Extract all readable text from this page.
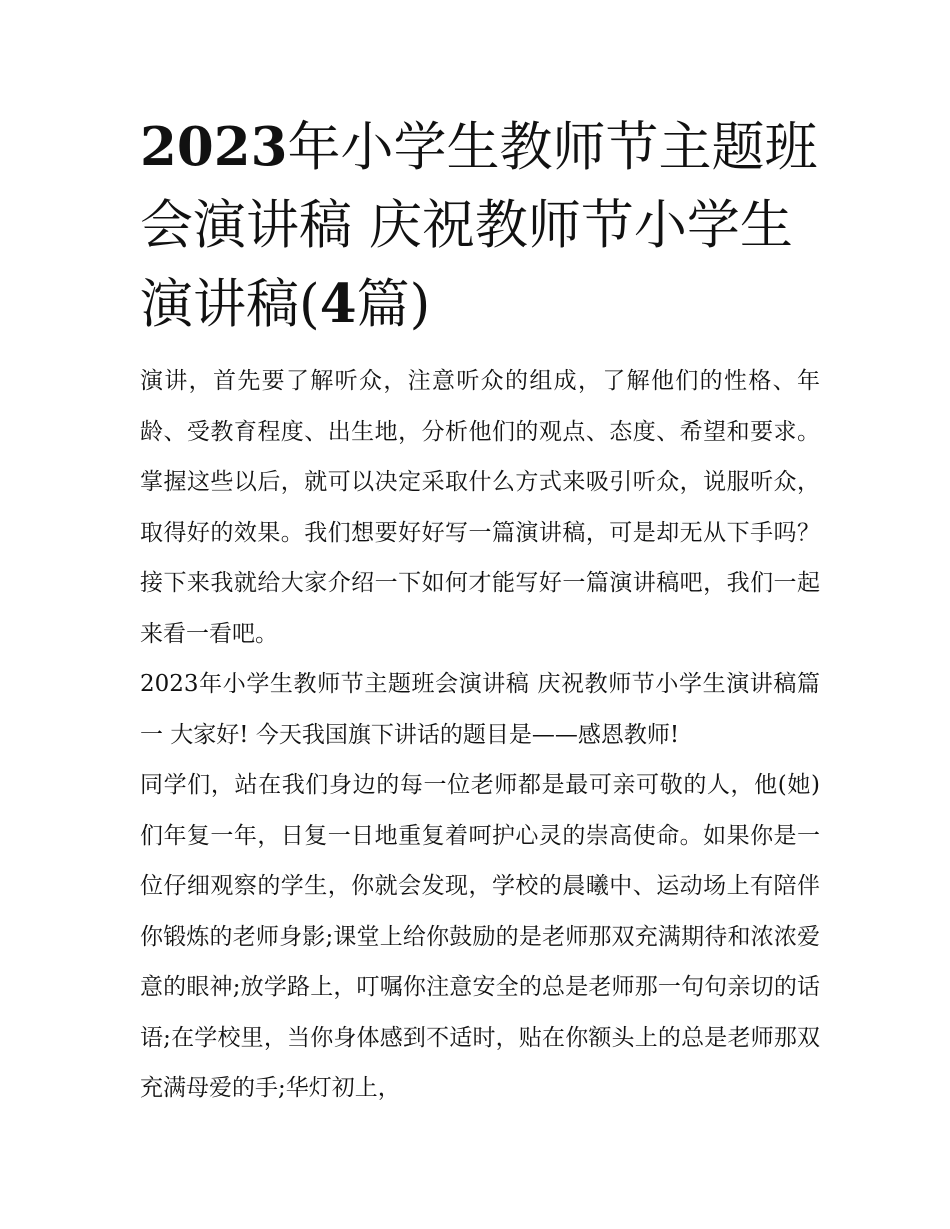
2023年小学生教师节主题班会演讲稿 庆祝教师节小学生演讲稿(4篇)

演讲，首先要了解听众，注意听众的组成，了解他们的性格、年龄、受教育程度、出生地，分析他们的观点、态度、希望和要求。掌握这些以后，就可以决定采取什么方式来吸引听众，说服听众，取得好的效果。我们想要好好写一篇演讲稿，可是却无从下手吗？接下来我就给大家介绍一下如何才能写好一篇演讲稿吧，我们一起来看一看吧。

2023年小学生教师节主题班会演讲稿 庆祝教师节小学生演讲稿篇一 大家好! 今天我国旗下讲话的题目是——感恩教师!

同学们，站在我们身边的每一位老师都是最可亲可敬的人，他(她)们年复一年，日复一日地重复着呵护心灵的崇高使命。如果你是一位仔细观察的学生，你就会发现，学校的晨曦中、运动场上有陪伴你锻炼的老师身影;课堂上给你鼓励的是老师那双充满期待和浓浓爱意的眼神;放学路上，叮嘱你注意安全的总是老师那一句句亲切的话语;在学校里，当你身体感到不适时，贴在你额头上的总是老师那双充满母爱的手;华灯初上，
